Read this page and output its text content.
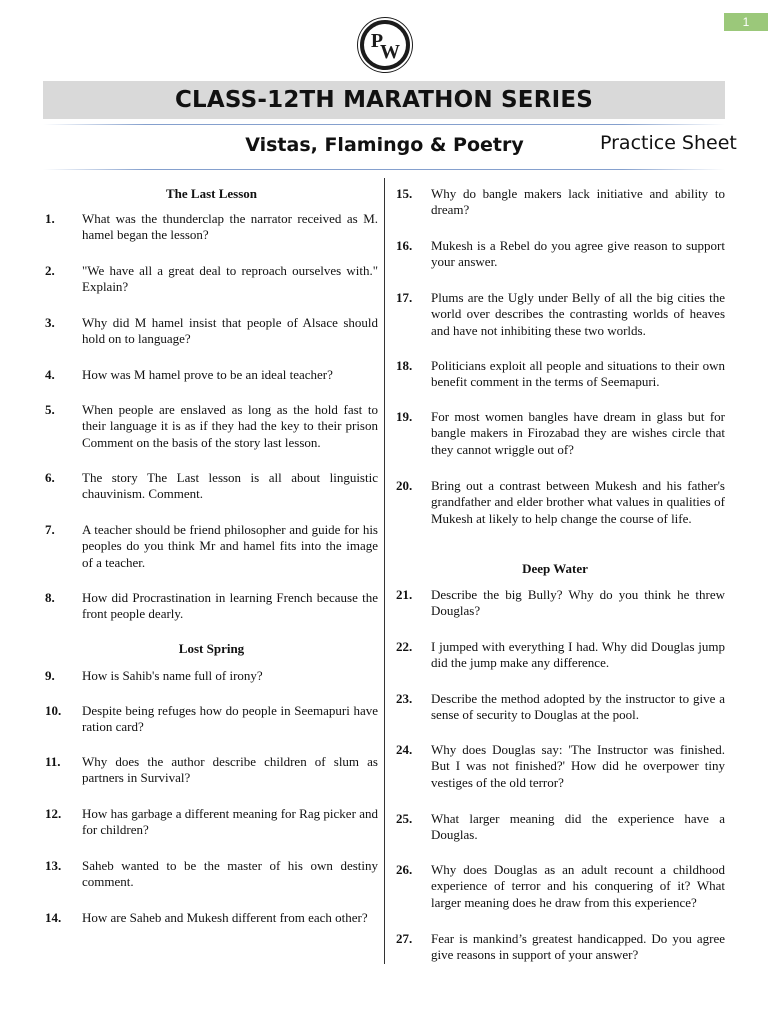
1
P
W
CLASS-12TH MARATHON SERIES
Vistas, Flamingo & Poetry	Practice Sheet
The Last Lesson
1.	What was the thunderclap the narrator received as M. hamel began the lesson?
2.	"We have all a great deal to reproach ourselves with." Explain?
3.	Why did M hamel insist that people of Alsace should hold on to language?
4.	How was M hamel prove to be an ideal teacher?
5.	When people are enslaved as long as the hold fast to their language it is as if they had the key to their prison Comment on the basis of the story last lesson.
6.	The story The Last lesson is all about linguistic chauvinism. Comment.
7.	A teacher should be friend philosopher and guide for his peoples do you think Mr and hamel fits into the image of a teacher.
8.	How did Procrastination in learning French because the front people dearly.
Lost Spring
9.	How is Sahib's name full of irony?
10.	Despite being refuges how do people in Seemapuri have ration card?
11.	Why does the author describe children of slum as partners in Survival?
12.	How has garbage a different meaning for Rag picker and for children?
13.	Saheb wanted to be the master of his own destiny comment.
14.	How are Saheb and Mukesh different from each other?
15. Why do bangle makers lack initiative and ability to dream?
16. Mukesh is a Rebel do you agree give reason to support your answer.
17. Plums are the Ugly under Belly of all the big cities the world over describes the contrasting worlds of heaves and have not inhibiting these two worlds.
18. Politicians exploit all people and situations to their own benefit comment in the terms of Seemapuri.
19. For most women bangles have dream in glass but for bangle makers in Firozabad they are wishes circle that they cannot wriggle out of?
20. Bring out a contrast between Mukesh and his father's grandfather and elder brother what values in qualities of Mukesh at likely to help change the course of life.
Deep Water
21. Describe the big Bully? Why do you think he threw Douglas?
22. I jumped with everything I had. Why did Douglas jump did the jump make any difference.
23. Describe the method adopted by the instructor to give a sense of security to Douglas at the pool.
24. Why does Douglas say: 'The Instructor was finished. But I was not finished?' How did he overpower tiny vestiges of the old terror?
25. What larger meaning did the experience have a Douglas.
26. Why does Douglas as an adult recount a childhood experience of terror and his conquering of it? What larger meaning does he draw from this experience?
27. Fear is mankind’s greatest handicapped. Do you agree give reasons in support of your answer?
